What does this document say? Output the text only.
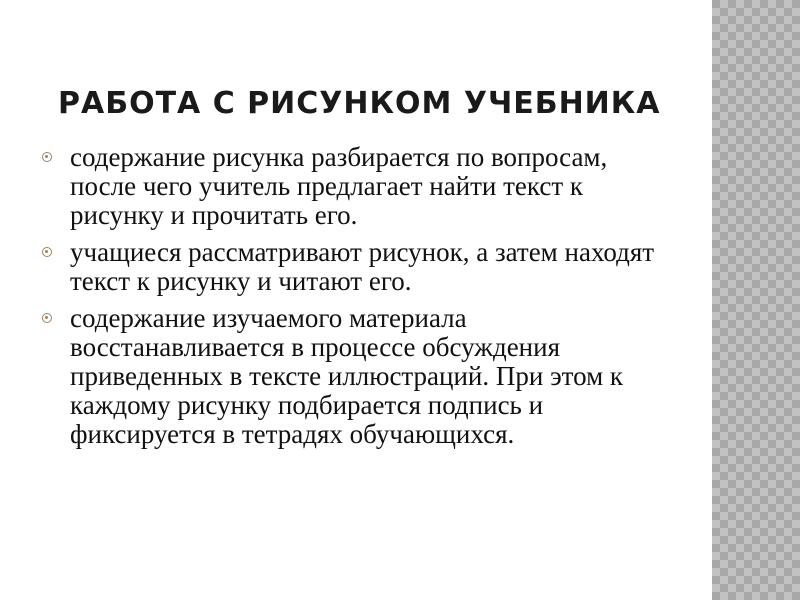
РАБОТА С РИСУНКОМ УЧЕБНИКА
содержание рисунка разбирается по вопросам, после чего учитель предлагает найти текст к рисунку и прочитать его.
учащиеся рассматривают рисунок, а затем находят текст к рисунку и читают его.
содержание изучаемого материала восстанавливается в процессе обсуждения приведенных в тексте иллюстраций. При этом к каждому рисунку подбирается подпись и фиксируется в тетрадях обучающихся.
